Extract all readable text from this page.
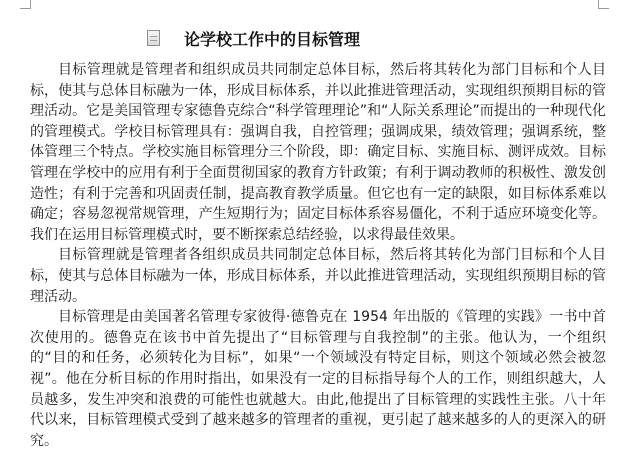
论学校工作中的目标管理

目标管理就是管理者和组织成员共同制定总体目标，然后将其转化为部门目标和个人目标，使其与总体目标融为一体，形成目标体系，并以此推进管理活动，实现组织预期目标的管理活动。它是美国管理专家德鲁克综合“科学管理理论”和“人际关系理论”而提出的一种现代化的管理模式。学校目标管理具有：强调自我，自控管理；强调成果，绩效管理；强调系统，整体管理三个特点。学校实施目标管理分三个阶段，即：确定目标、实施目标、测评成效。目标管理在学校中的应用有利于全面贯彻国家的教育方针政策；有利于调动教师的积极性、激发创造性；有利于完善和巩固责任制，提高教育教学质量。但它也有一定的缺限，如目标体系难以确定；容易忽视常规管理，产生短期行为；固定目标体系容易僵化，不利于适应环境变化等。我们在运用目标管理模式时，要不断探索总结经验，以求得最佳效果。

目标管理就是管理者各组织成员共同制定总体目标，然后将其转化为部门目标和个人目标，使其与总体目标融为一体，形成目标体系，并以此推进管理活动，实现组织预期目标的管理活动。

目标管理是由美国著名管理专家彼得·德鲁克在 1954 年出版的《管理的实践》一书中首次使用的。德鲁克在该书中首先提出了“目标管理与自我控制”的主张。他认为，一个组织的“目的和任务，必须转化为目标”，如果“一个领域没有特定目标，则这个领域必然会被忽视”。他在分析目标的作用时指出，如果没有一定的目标指导每个人的工作，则组织越大，人员越多，发生冲突和浪费的可能性也就越大。由此,他提出了目标管理的实践性主张。八十年代以来，目标管理模式受到了越来越多的管理者的重视，更引起了越来越多的人的更深入的研究。
